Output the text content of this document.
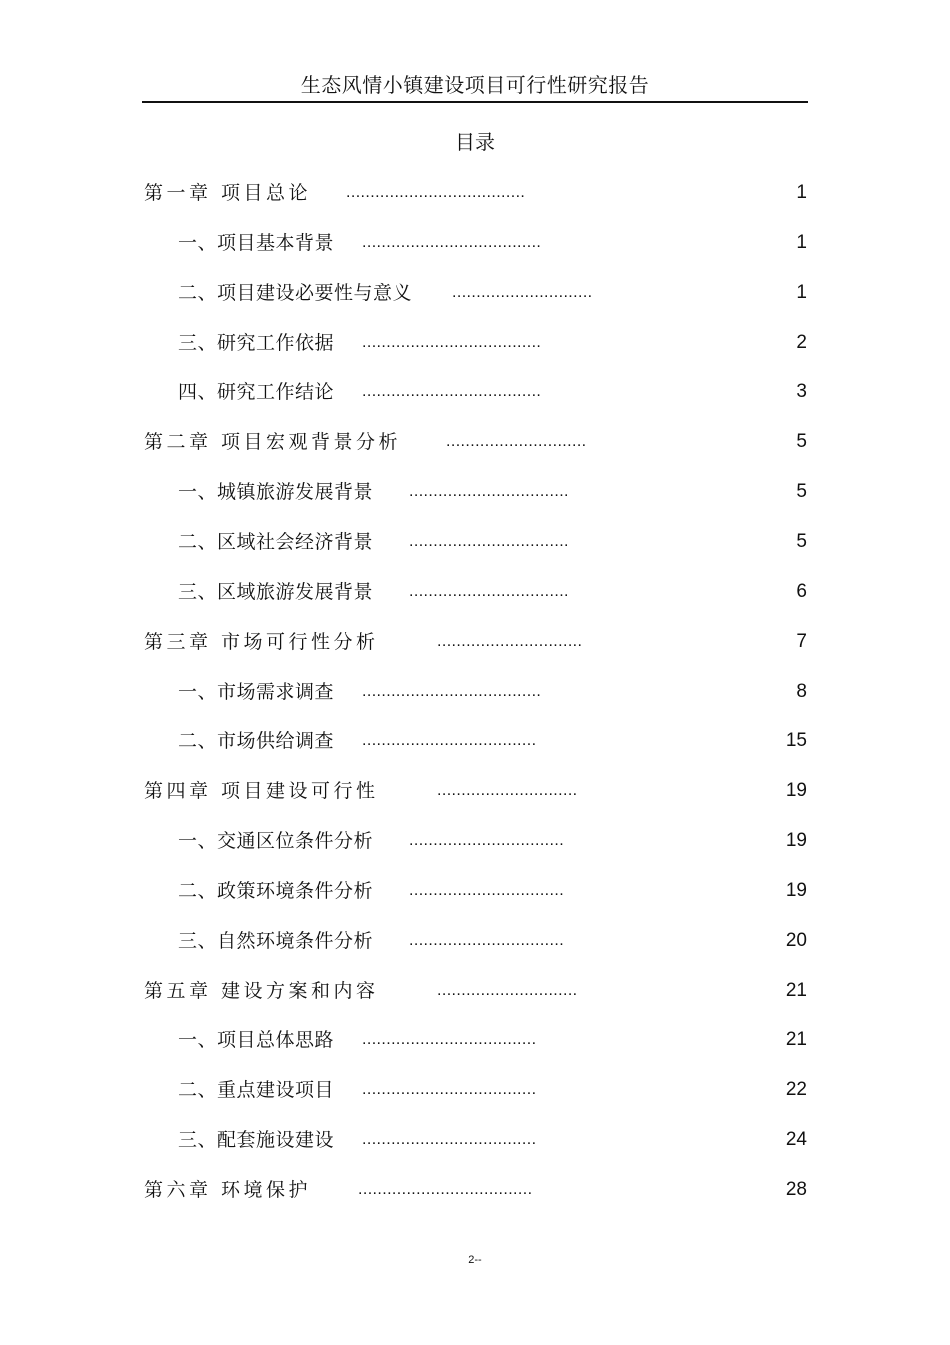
生态风情小镇建设项目可行性研究报告
目录
第一章 项目总论 .....................................	1
一、项目基本背景 .....................................	1
二、项目建设必要性与意义 .............................	1
三、研究工作依据 .....................................	2
四、研究工作结论 .....................................	3
第二章 项目宏观背景分析	.............................	5
一、城镇旅游发展背景 .................................	5
二、区域社会经济背景 .................................	5
三、区域旅游发展背景 .................................	6
第三章 市场可行性分析	..............................	7
一、市场需求调查 .....................................	8
二、市场供给调查 ....................................	15
第四章 项目建设可行性	.............................	19
一、交通区位条件分析 ................................	19
二、政策环境条件分析 ................................	19
三、自然环境条件分析 ................................	20
第五章 建设方案和内容	.............................	21
一、项目总体思路 ....................................	21
二、重点建设项目 ....................................	22
三、配套施设建设 ....................................	24
第六章 环境保护	....................................	28
2--
